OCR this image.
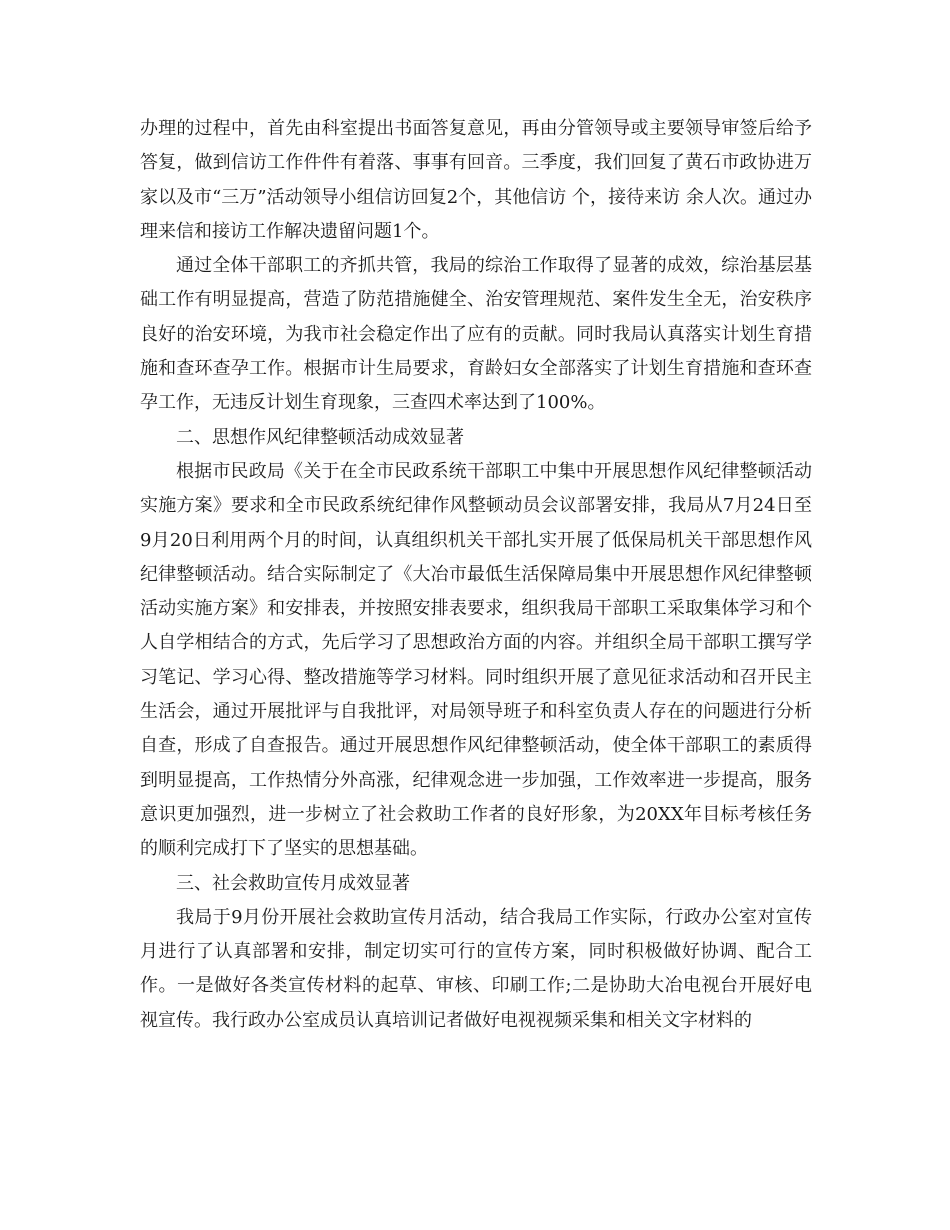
办理的过程中，首先由科室提出书面答复意见，再由分管领导或主要领导审签后给予答复，做到信访工作件件有着落、事事有回音。三季度，我们回复了黄石市政协进万家以及市“三万”活动领导小组信访回复2个，其他信访 个，接待来访 余人次。通过办理来信和接访工作解决遗留问题1个。

通过全体干部职工的齐抓共管，我局的综治工作取得了显著的成效，综治基层基础工作有明显提高，营造了防范措施健全、治安管理规范、案件发生全无，治安秩序良好的治安环境，为我市社会稳定作出了应有的贡献。同时我局认真落实计划生育措施和查环查孕工作。根据市计生局要求，育龄妇女全部落实了计划生育措施和查环查孕工作，无违反计划生育现象，三查四术率达到了100%。

二、思想作风纪律整顿活动成效显著

根据市民政局《关于在全市民政系统干部职工中集中开展思想作风纪律整顿活动实施方案》要求和全市民政系统纪律作风整顿动员会议部署安排，我局从7月24日至9月20日利用两个月的时间，认真组织机关干部扎实开展了低保局机关干部思想作风纪律整顿活动。结合实际制定了《大冶市最低生活保障局集中开展思想作风纪律整顿活动实施方案》和安排表，并按照安排表要求，组织我局干部职工采取集体学习和个人自学相结合的方式，先后学习了思想政治方面的内容。并组织全局干部职工撰写学习笔记、学习心得、整改措施等学习材料。同时组织开展了意见征求活动和召开民主生活会，通过开展批评与自我批评，对局领导班子和科室负责人存在的问题进行分析自查，形成了自查报告。通过开展思想作风纪律整顿活动，使全体干部职工的素质得到明显提高，工作热情分外高涨，纪律观念进一步加强，工作效率进一步提高，服务意识更加强烈，进一步树立了社会救助工作者的良好形象，为20XX年目标考核任务的顺利完成打下了坚实的思想基础。

三、社会救助宣传月成效显著

我局于9月份开展社会救助宣传月活动，结合我局工作实际，行政办公室对宣传月进行了认真部署和安排，制定切实可行的宣传方案，同时积极做好协调、配合工作。一是做好各类宣传材料的起草、审核、印刷工作;二是协助大冶电视台开展好电视宣传。我行政办公室成员认真培训记者做好电视视频采集和相关文字材料的
